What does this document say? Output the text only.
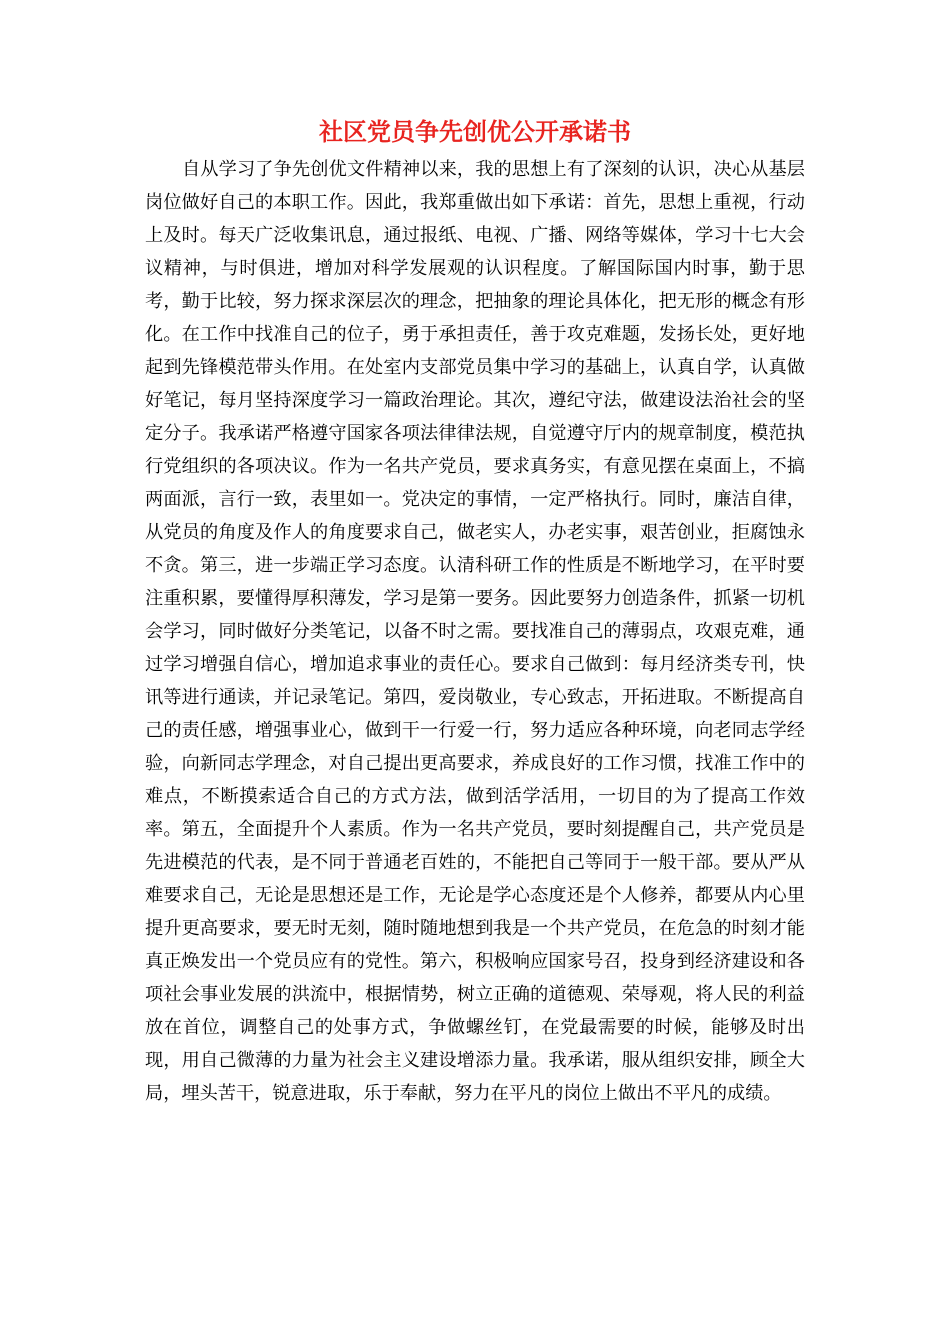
社区党员争先创优公开承诺书

自从学习了争先创优文件精神以来，我的思想上有了深刻的认识，决心从基层岗位做好自己的本职工作。因此，我郑重做出如下承诺：首先，思想上重视，行动上及时。每天广泛收集讯息，通过报纸、电视、广播、网络等媒体，学习十七大会议精神，与时俱进，增加对科学发展观的认识程度。了解国际国内时事，勤于思考，勤于比较，努力探求深层次的理念，把抽象的理论具体化，把无形的概念有形化。在工作中找准自己的位子，勇于承担责任，善于攻克难题，发扬长处，更好地起到先锋模范带头作用。在处室内支部党员集中学习的基础上，认真自学，认真做好笔记，每月坚持深度学习一篇政治理论。其次，遵纪守法，做建设法治社会的坚定分子。我承诺严格遵守国家各项法律律法规，自觉遵守厅内的规章制度，模范执行党组织的各项决议。作为一名共产党员，要求真务实，有意见摆在桌面上，不搞两面派，言行一致，表里如一。党决定的事情，一定严格执行。同时，廉洁自律，从党员的角度及作人的角度要求自己，做老实人，办老实事，艰苦创业，拒腐蚀永不贪。第三，进一步端正学习态度。认清科研工作的性质是不断地学习，在平时要注重积累，要懂得厚积薄发，学习是第一要务。因此要努力创造条件，抓紧一切机会学习，同时做好分类笔记，以备不时之需。要找准自己的薄弱点，攻艰克难，通过学习增强自信心，增加追求事业的责任心。要求自己做到：每月经济类专刊，快讯等进行通读，并记录笔记。第四，爱岗敬业，专心致志，开拓进取。不断提高自己的责任感，增强事业心，做到干一行爱一行，努力适应各种环境，向老同志学经验，向新同志学理念，对自己提出更高要求，养成良好的工作习惯，找准工作中的难点，不断摸索适合自己的方式方法，做到活学活用，一切目的为了提高工作效率。第五，全面提升个人素质。作为一名共产党员，要时刻提醒自己，共产党员是先进模范的代表，是不同于普通老百姓的，不能把自己等同于一般干部。要从严从难要求自己，无论是思想还是工作，无论是学心态度还是个人修养，都要从内心里提升更高要求，要无时无刻，随时随地想到我是一个共产党员，在危急的时刻才能真正焕发出一个党员应有的党性。第六，积极响应国家号召，投身到经济建设和各项社会事业发展的洪流中，根据情势，树立正确的道德观、荣辱观，将人民的利益放在首位，调整自己的处事方式，争做螺丝钉，在党最需要的时候，能够及时出现，用自己微薄的力量为社会主义建设增添力量。我承诺，服从组织安排，顾全大局，埋头苦干，锐意进取，乐于奉献，努力在平凡的岗位上做出不平凡的成绩。
